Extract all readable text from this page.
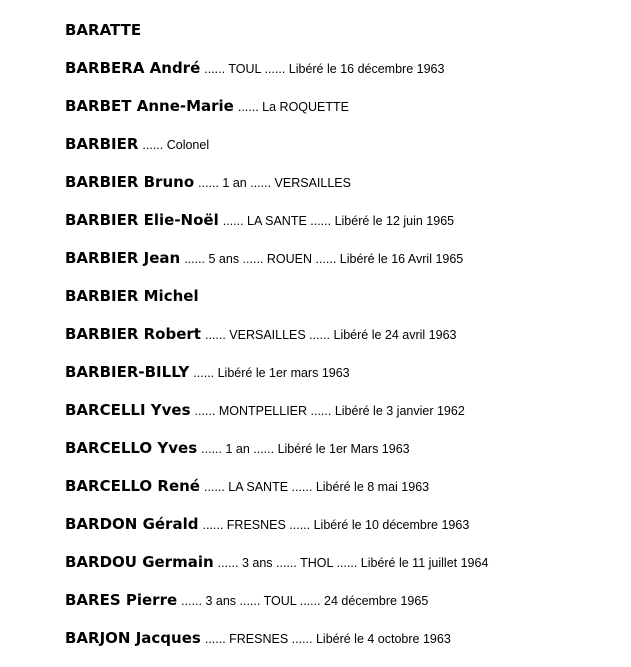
BARATTE
BARBERA André ...... TOUL ...... Libéré le 16 décembre 1963
BARBET Anne-Marie ...... La ROQUETTE
BARBIER ...... Colonel
BARBIER Bruno ...... 1 an ...... VERSAILLES
BARBIER Elie-Noël ...... LA SANTE ...... Libéré le 12 juin 1965
BARBIER Jean ...... 5 ans ...... ROUEN ...... Libéré le 16 Avril 1965
BARBIER Michel
BARBIER Robert ...... VERSAILLES ...... Libéré le 24 avril 1963
BARBIER-BILLY ...... Libéré le 1er mars 1963
BARCELLI Yves ...... MONTPELLIER ...... Libéré le 3 janvier 1962
BARCELLO Yves ...... 1 an ...... Libéré le 1er Mars 1963
BARCELLO René ...... LA SANTE ...... Libéré le 8 mai 1963
BARDON Gérald ...... FRESNES ...... Libéré le 10 décembre 1963
BARDOU Germain ...... 3 ans ...... THOL ...... Libéré le 11 juillet 1964
BARES Pierre ...... 3 ans ...... TOUL ...... 24 décembre 1965
BARJON Jacques ...... FRESNES ...... Libéré le 4 octobre 1963
